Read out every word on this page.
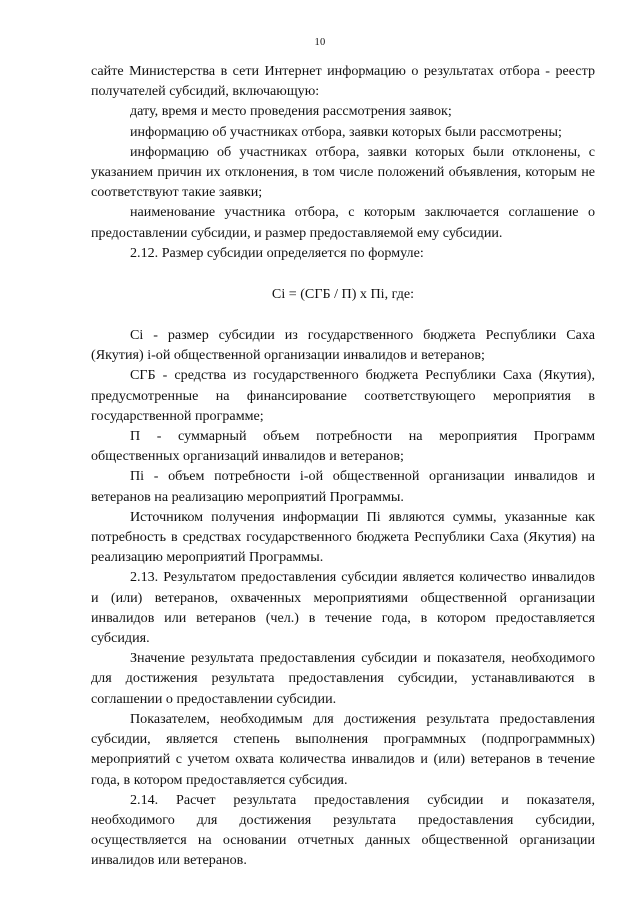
10

сайте Министерства в сети Интернет информацию о результатах отбора - реестр получателей субсидий, включающую:

дату, время и место проведения рассмотрения заявок;

информацию об участниках отбора, заявки которых были рассмотрены;

информацию об участниках отбора, заявки которых были отклонены, с указанием причин их отклонения, в том числе положений объявления, которым не соответствуют такие заявки;

наименование участника отбора, с которым заключается соглашение о предоставлении субсидии, и размер предоставляемой ему субсидии.

2.12. Размер субсидии определяется по формуле:

Сi = (СГБ / П) х Пi, где:

Сi - размер субсидии из государственного бюджета Республики Саха (Якутия) i-ой общественной организации инвалидов и ветеранов;

СГБ - средства из государственного бюджета Республики Саха (Якутия), предусмотренные на финансирование соответствующего мероприятия в государственной программе;

П - суммарный объем потребности на мероприятия Программ общественных организаций инвалидов и ветеранов;

Пi - объем потребности i-ой общественной организации инвалидов и ветеранов на реализацию мероприятий Программы.

Источником получения информации Пi являются суммы, указанные как потребность в средствах государственного бюджета Республики Саха (Якутия) на реализацию мероприятий Программы.

2.13. Результатом предоставления субсидии является количество инвалидов и (или) ветеранов, охваченных мероприятиями общественной организации инвалидов или ветеранов (чел.) в течение года, в котором предоставляется субсидия.

Значение результата предоставления субсидии и показателя, необходимого для достижения результата предоставления субсидии, устанавливаются в соглашении о предоставлении субсидии.

Показателем, необходимым для достижения результата предоставления субсидии, является степень выполнения программных (подпрограммных) мероприятий с учетом охвата количества инвалидов и (или) ветеранов в течение года, в котором предоставляется субсидия.

2.14. Расчет результата предоставления субсидии и показателя, необходимого для достижения результата предоставления субсидии, осуществляется на основании отчетных данных общественной организации инвалидов или ветеранов.
